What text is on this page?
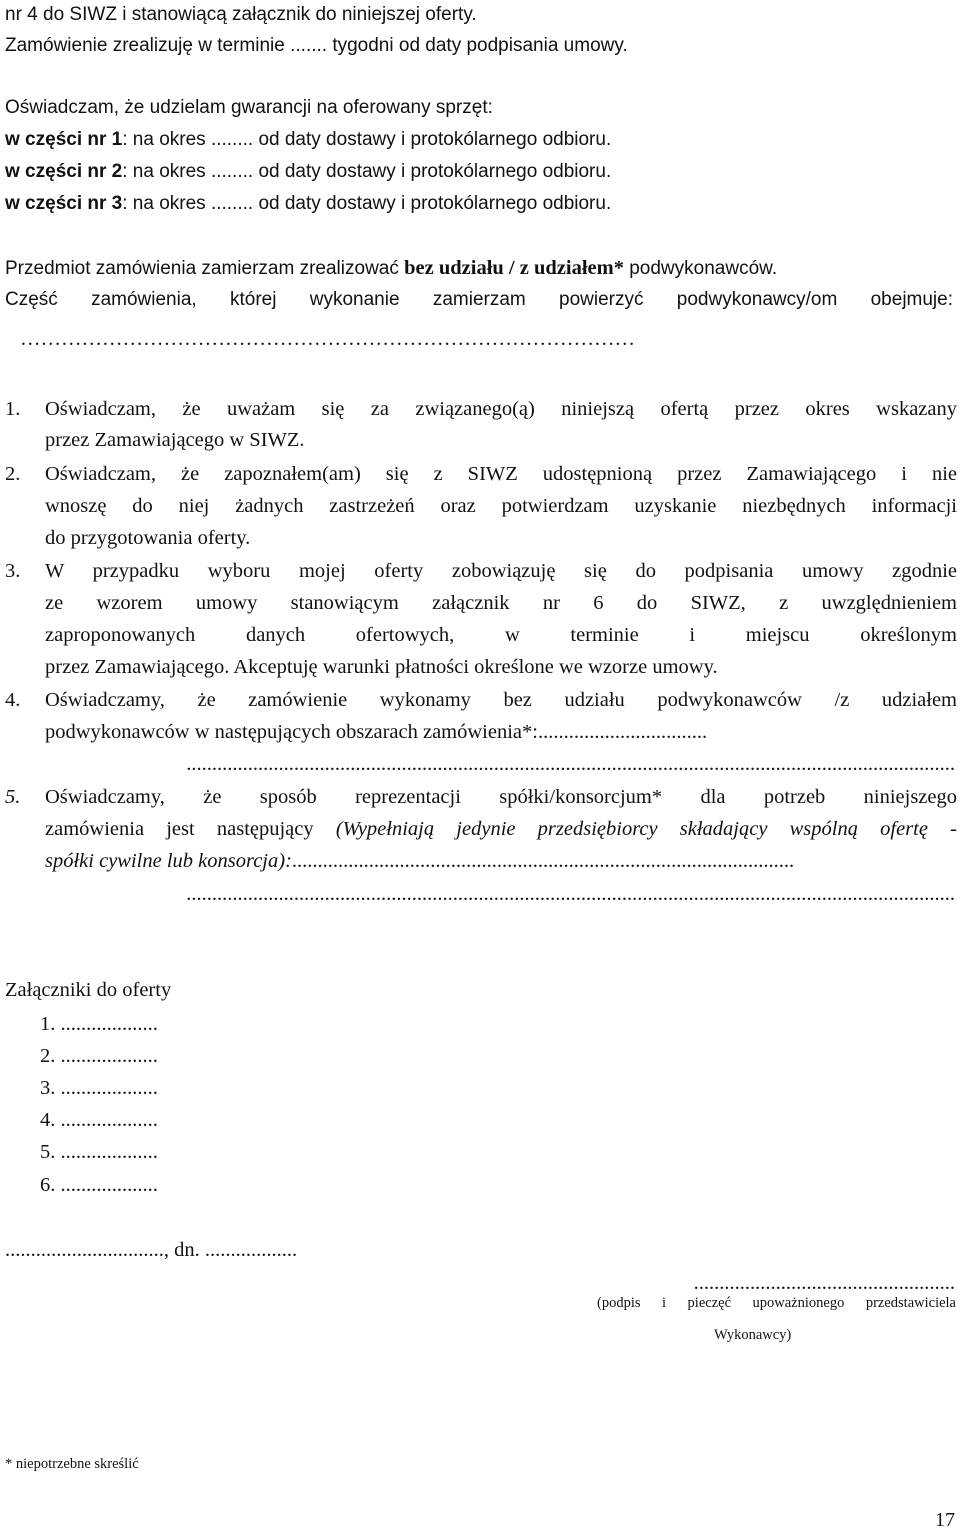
nr 4 do SIWZ i stanowiącą załącznik do niniejszej oferty.
Zamówienie zrealizuję w terminie ....... tygodni od daty podpisania umowy.
Oświadczam, że udzielam gwarancji na oferowany sprzęt:
w części nr 1: na okres ........ od daty dostawy i protokólarnego odbioru.
w części nr 2: na okres ........ od daty dostawy i protokólarnego odbioru.
w części nr 3: na okres ........ od daty dostawy i protokólarnego odbioru.
Przedmiot zamówienia zamierzam zrealizować bez udziału / z udziałem* podwykonawców.
Część zamówienia, której wykonanie zamierzam powierzyć podwykonawcy/om obejmuje:
………………………………………………………………………………
1. Oświadczam, że uważam się za związanego(ą) niniejszą ofertą przez okres wskazany
przez Zamawiającego w SIWZ.
2. Oświadczam, że zapoznałem(am) się z SIWZ udostępnioną przez Zamawiającego i nie
wnoszę do niej żadnych zastrzeżeń oraz potwierdzam uzyskanie niezbędnych informacji
do przygotowania oferty.
3. W przypadku wyboru mojej oferty zobowiązuję się do podpisania umowy zgodnie
ze wzorem umowy stanowiącym załącznik nr 6 do SIWZ, z uwzględnieniem
zaproponowanych danych ofertowych, w terminie i miejscu określonym
przez Zamawiającego. Akceptuję warunki płatności określone we wzorze umowy.
4. Oświadczamy, że zamówienie wykonamy bez udziału podwykonawców /z udziałem
podwykonawców w następujących obszarach zamówienia*:.................................
......................................................................................................................................................
5. Oświadczamy, że sposób reprezentacji spółki/konsorcjum* dla potrzeb niniejszego
zamówienia jest następujący (Wypełniają jedynie przedsiębiorcy składający wspólną ofertę -
spółki cywilne lub konsorcja):..................................................................................................
......................................................................................................................................................
Załączniki do oferty
1. ...................
2. ...................
3. ...................
4. ...................
5. ...................
6. ...................
..............................., dn. ..................
...................................................
(podpis i pieczęć upoważnionego przedstawiciela
Wykonawcy)
* niepotrzebne skreślić
17
